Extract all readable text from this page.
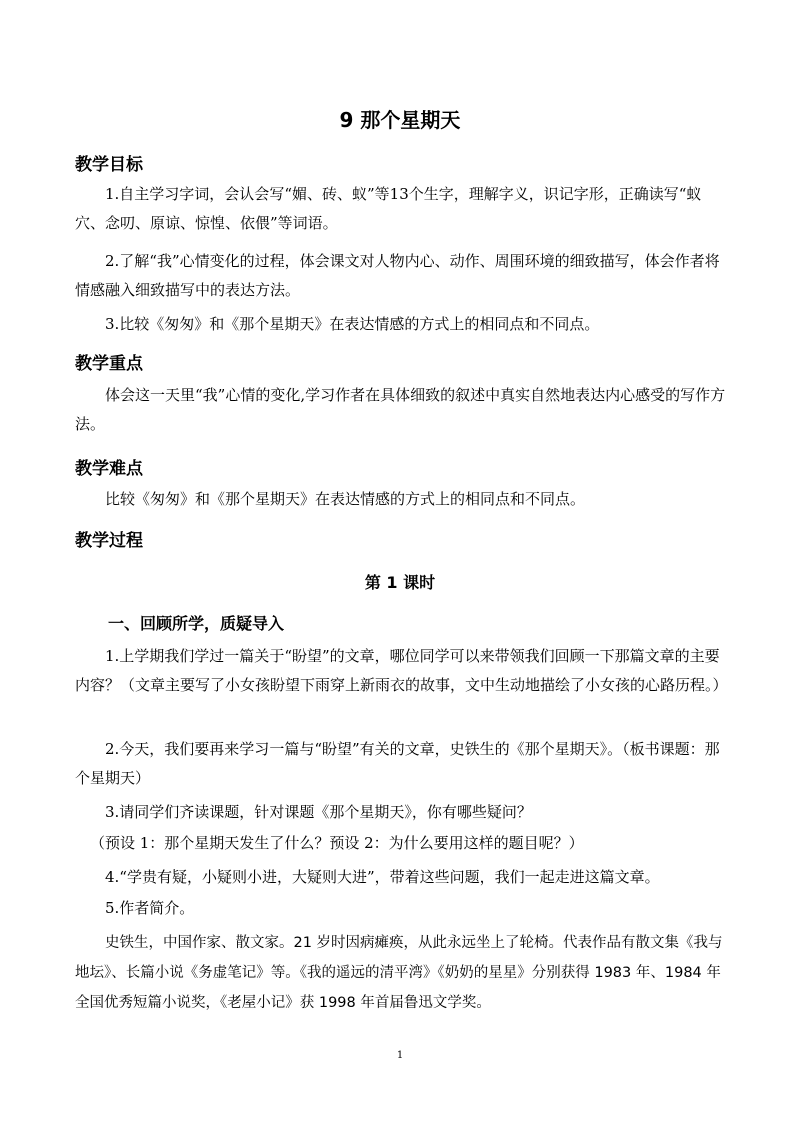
9 那个星期天
教学目标

1.自主学习字词，会认会写“媚、砖、蚁”等13个生字，理解字义，识记字形，正确读写“蚁穴、念叨、原谅、惊惶、依偎”等词语。

2.了解“我”心情变化的过程，体会课文对人物内心、动作、周围环境的细致描写，体会作者将情感融入细致描写中的表达方法。

3.比较《匆匆》和《那个星期天》在表达情感的方式上的相同点和不同点。

教学重点

体会这一天里“我”心情的变化,学习作者在具体细致的叙述中真实自然地表达内心感受的写作方法。

教学难点

比较《匆匆》和《那个星期天》在表达情感的方式上的相同点和不同点。

教学过程
第 1 课时
一、回顾所学，质疑导入

1.上学期我们学过一篇关于“盼望”的文章，哪位同学可以来带领我们回顾一下那篇文章的主要内容？（文章主要写了小女孩盼望下雨穿上新雨衣的故事，文中生动地描绘了小女孩的心路历程。）

2.今天，我们要再来学习一篇与“盼望”有关的文章，史铁生的《那个星期天》。（板书课题：那个星期天）

3.请同学们齐读课题，针对课题《那个星期天》，你有哪些疑问？

（预设 1：那个星期天发生了什么？预设 2：为什么要用这样的题目呢？）

4.“学贵有疑，小疑则小进，大疑则大进”，带着这些问题，我们一起走进这篇文章。

5.作者简介。

史铁生，中国作家、散文家。21 岁时因病瘫痪，从此永远坐上了轮椅。代表作品有散文集《我与地坛》、长篇小说《务虚笔记》等。《我的遥远的清平湾》《奶奶的星星》分别获得 1983 年、1984 年全国优秀短篇小说奖，《老屋小记》获 1998 年首届鲁迅文学奖。

1
